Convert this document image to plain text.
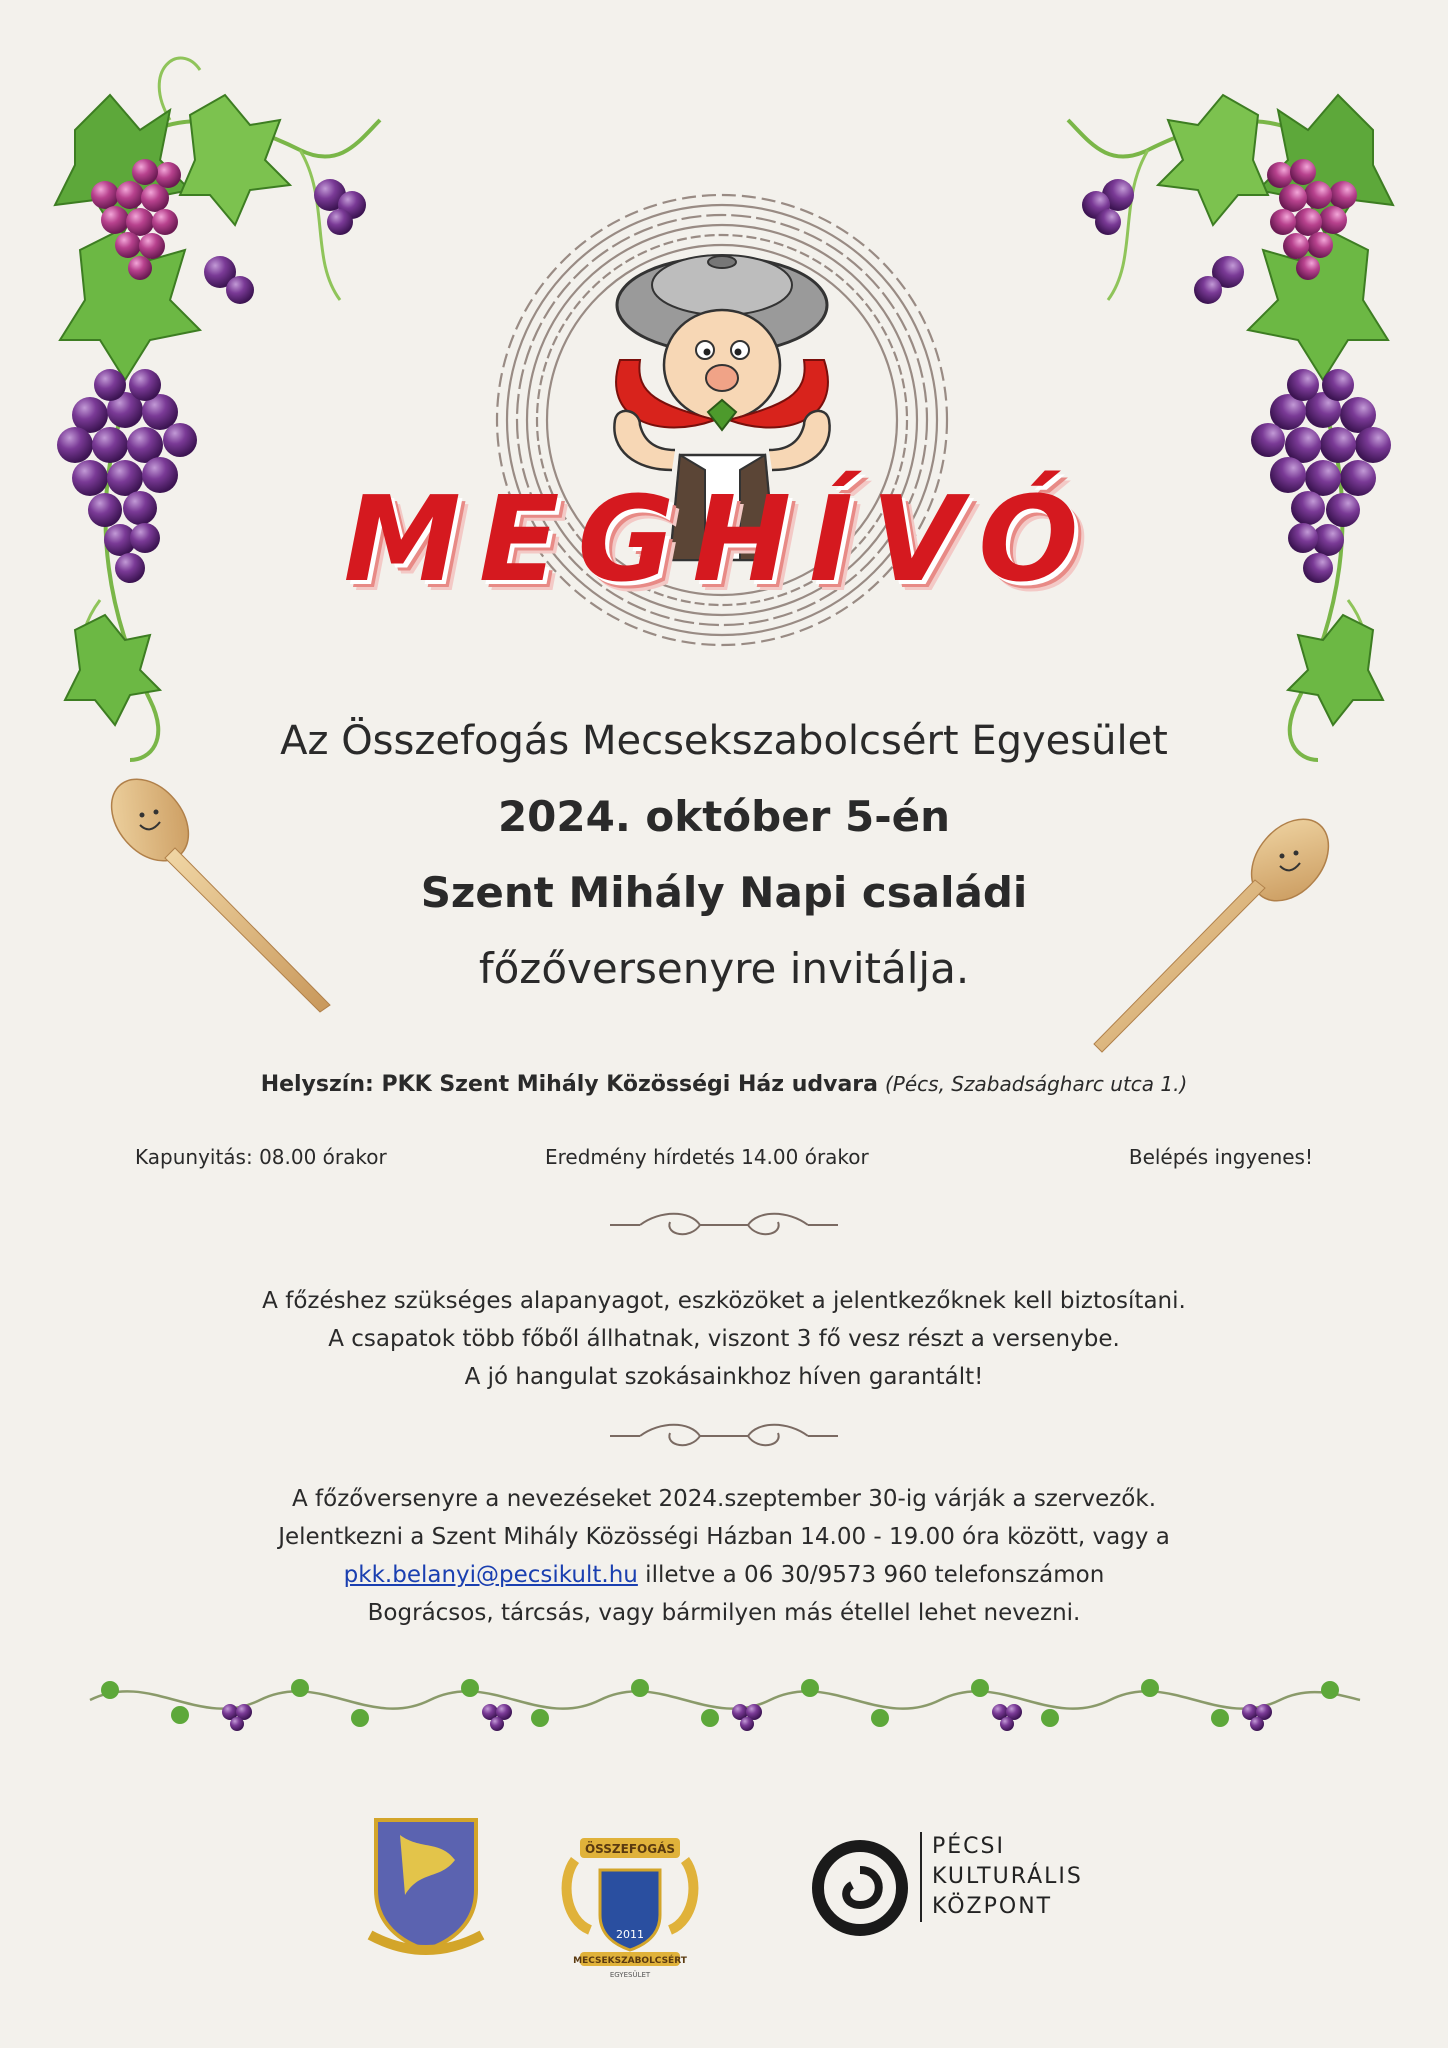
ÖSSZEFOGÁS
2011
MECSEKSZABOLCSÉRT
EGYESÜLET
MEGHÍVÓ
Az Összefogás Mecsekszabolcsért Egyesület
2024. október 5-én
Szent Mihály Napi családi
főzőversenyre invitálja.
Helyszín: PKK Szent Mihály Közösségi Ház udvara (Pécs, Szabadságharc utca 1.)
Kapunyitás: 08.00 órakor	Eredmény hírdetés 14.00 órakor	Belépés ingyenes!
A főzéshez szükséges alapanyagot, eszközöket a jelentkezőknek kell biztosítani.
A csapatok több főből állhatnak, viszont 3 fő vesz részt a versenybe.
A jó hangulat szokásainkhoz híven garantált!
A főzőversenyre a nevezéseket 2024.szeptember 30-ig várják a szervezők.
Jelentkezni a Szent Mihály Közösségi Házban 14.00 - 19.00 óra között, vagy a
pkk.belanyi@pecsikult.hu illetve a 06 30/9573 960 telefonszámon
Bográcsos, tárcsás, vagy bármilyen más étellel lehet nevezni.
PÉCSI
KULTURÁLIS
KÖZPONT
